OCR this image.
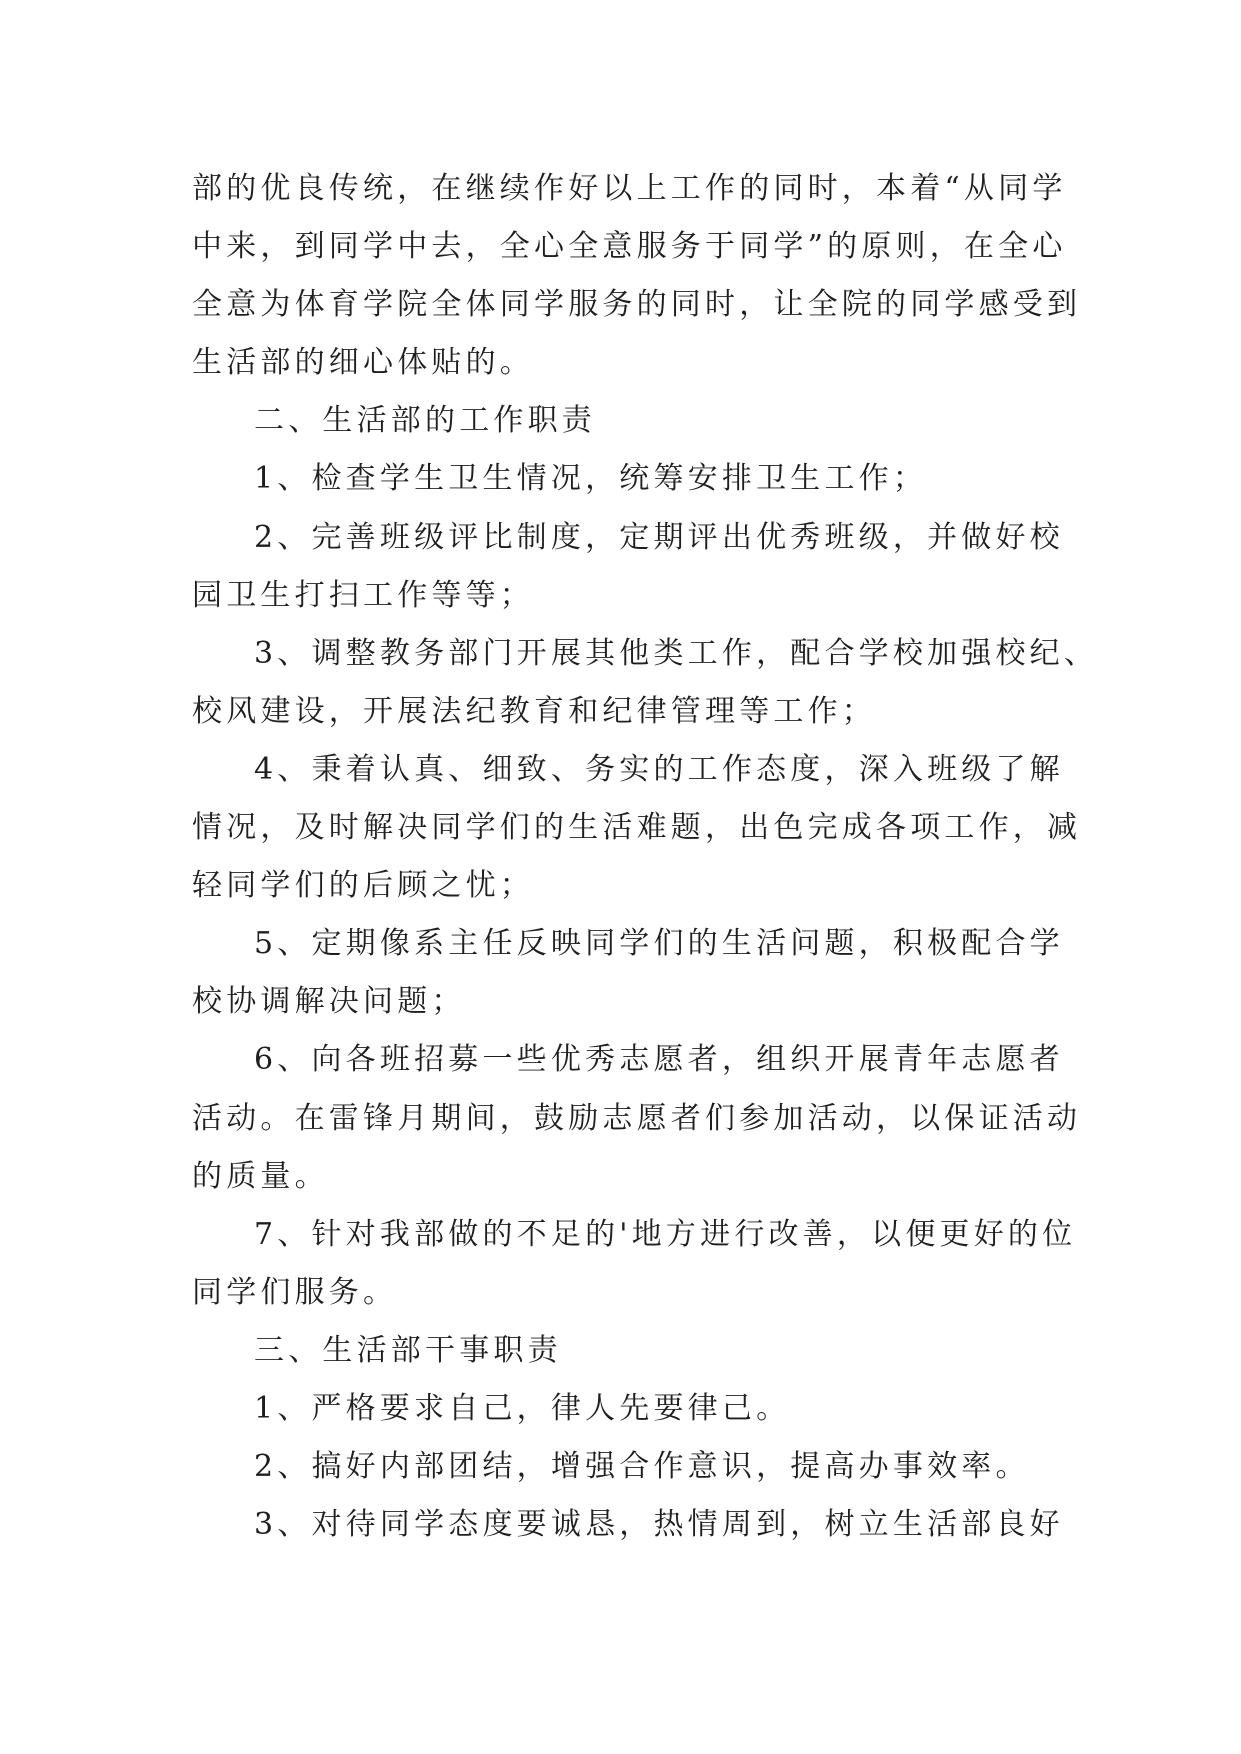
部的优良传统，在继续作好以上工作的同时，本着“从同学
中来，到同学中去，全心全意服务于同学”的原则，在全心
全意为体育学院全体同学服务的同时，让全院的同学感受到
生活部的细心体贴的。
二、生活部的工作职责
1、检查学生卫生情况，统筹安排卫生工作；
2、完善班级评比制度，定期评出优秀班级，并做好校
园卫生打扫工作等等；
3、调整教务部门开展其他类工作，配合学校加强校纪、
校风建设，开展法纪教育和纪律管理等工作；
4、秉着认真、细致、务实的工作态度，深入班级了解
情况，及时解决同学们的生活难题，出色完成各项工作，减
轻同学们的后顾之忧；
5、定期像系主任反映同学们的生活问题，积极配合学
校协调解决问题；
6、向各班招募一些优秀志愿者，组织开展青年志愿者
活动。在雷锋月期间，鼓励志愿者们参加活动，以保证活动
的质量。
7、针对我部做的不足的'地方进行改善，以便更好的位
同学们服务。
三、生活部干事职责
1、严格要求自己，律人先要律己。
2、搞好内部团结，增强合作意识，提高办事效率。
3、对待同学态度要诚恳，热情周到，树立生活部良好
